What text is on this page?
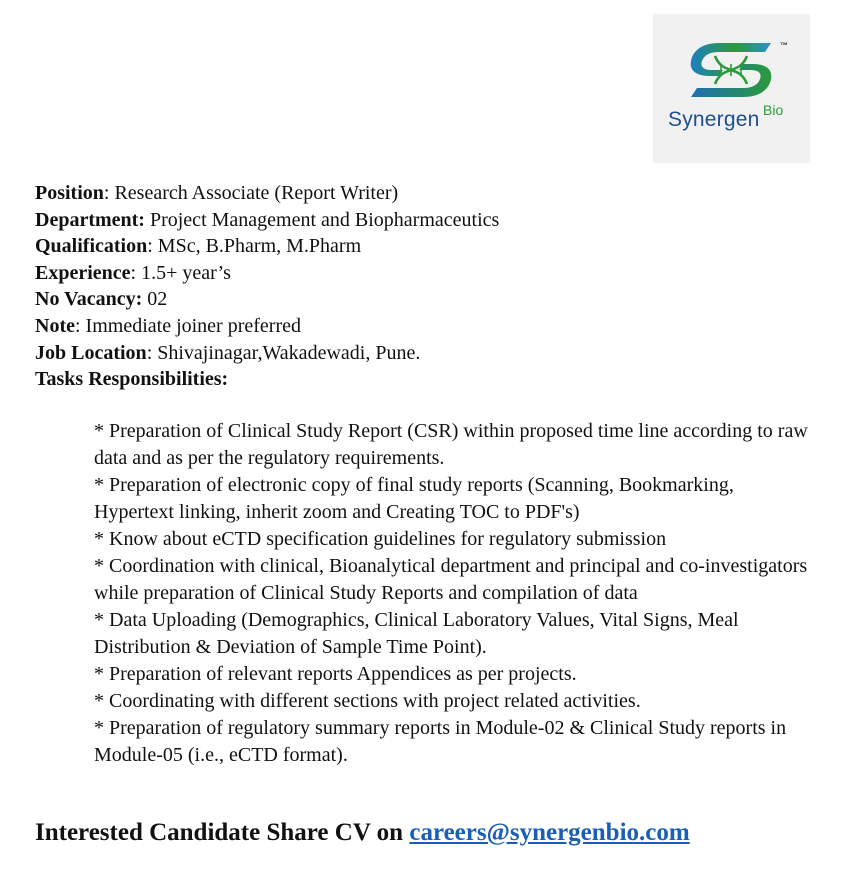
™
Synergen Bio
Position: Research Associate (Report Writer)
Department: Project Management and Biopharmaceutics
Qualification: MSc, B.Pharm, M.Pharm
Experience: 1.5+ year’s
No Vacancy: 02
Note: Immediate joiner preferred
Job Location: Shivajinagar,Wakadewadi, Pune.
Tasks Responsibilities:

* Preparation of Clinical Study Report (CSR) within proposed time line according to raw data and as per the regulatory requirements.

* Preparation of electronic copy of final study reports (Scanning, Bookmarking, Hypertext linking, inherit zoom and Creating TOC to PDF's)

* Know about eCTD specification guidelines for regulatory submission

* Coordination with clinical, Bioanalytical department and principal and co-investigators while preparation of Clinical Study Reports and compilation of data

* Data Uploading (Demographics, Clinical Laboratory Values, Vital Signs, Meal Distribution & Deviation of Sample Time Point).

* Preparation of relevant reports Appendices as per projects.

* Coordinating with different sections with project related activities.

* Preparation of regulatory summary reports in Module-02 & Clinical Study reports in Module-05 (i.e., eCTD format).

Interested Candidate Share CV on careers@synergenbio.com
